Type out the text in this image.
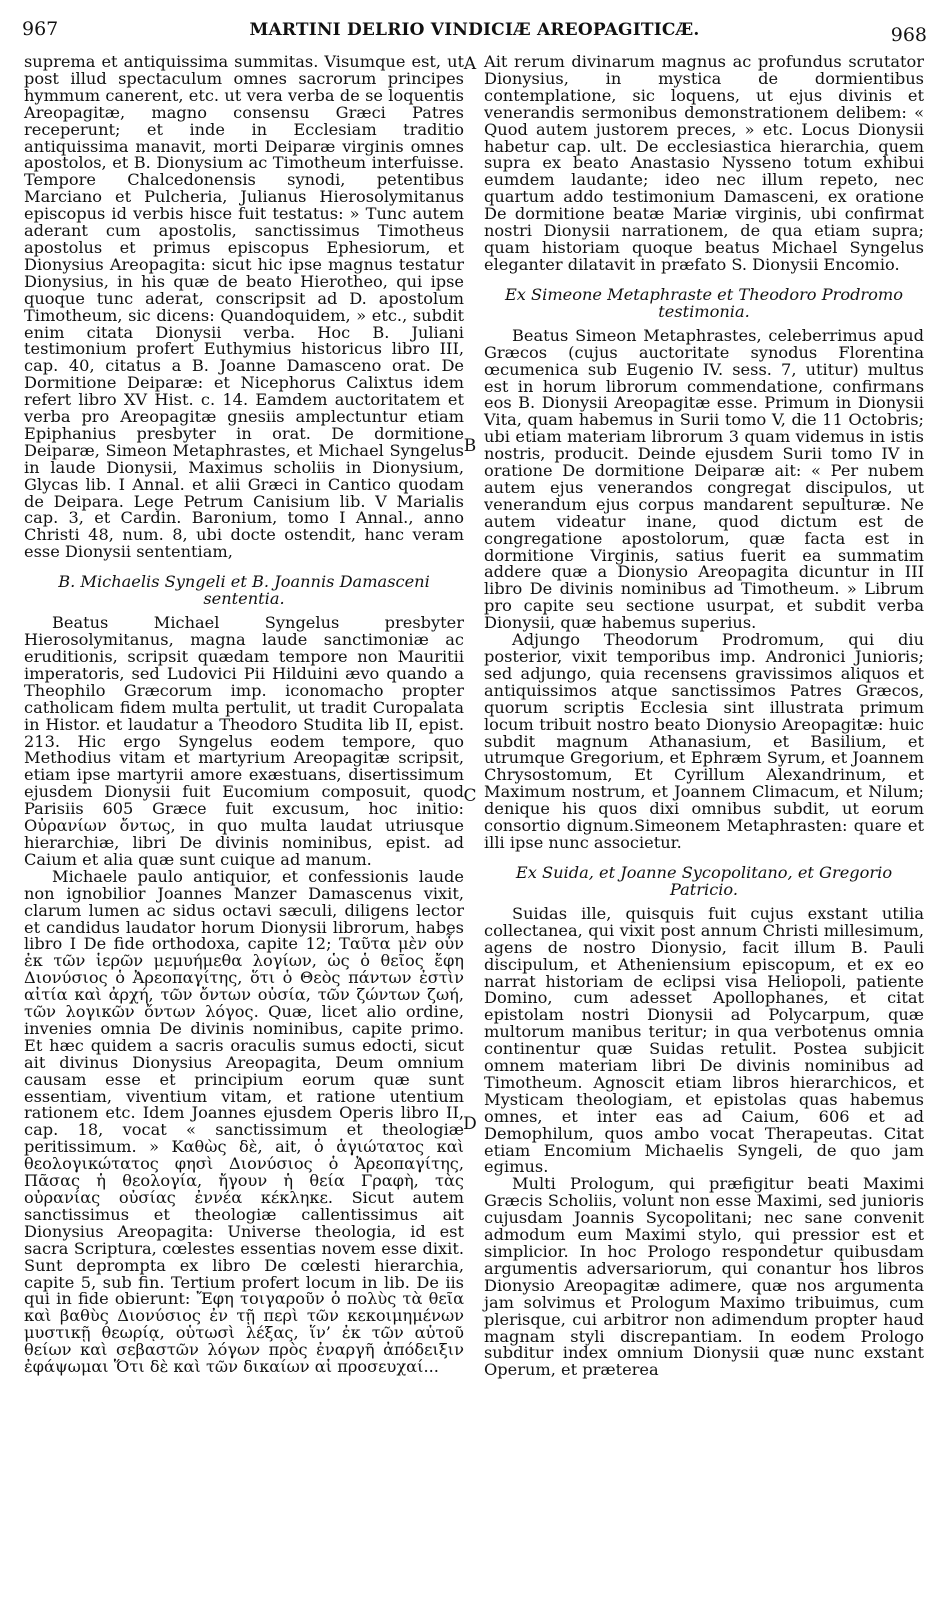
967	MARTINI DELRIO VINDICIÆ AREOPAGITICÆ.	968

suprema et antiquissima summitas. Visumque est, ut post illud spectaculum omnes sacrorum principes hymmum canerent, etc. ut vera verba de se loquentis Areopagitæ, magno consensu Græci Patres receperunt; et inde in Ecclesiam traditio antiquissima manavit, morti Deiparæ virginis omnes apostolos, et B. Dionysium ac Timotheum interfuisse. Tempore Chalcedonensis synodi, petentibus Marciano et Pulcheria, Julianus Hierosolymitanus episcopus id verbis hisce fuit testatus: » Tunc autem aderant cum apostolis, sanctissimus Timotheus apostolus et primus episcopus Ephesiorum, et Dionysius Areopagita: sicut hic ipse magnus testatur Dionysius, in his quæ de beato Hierotheo, qui ipse quoque tunc aderat, conscripsit ad D. apostolum Timotheum, sic dicens: Quandoquidem, » etc., subdit enim citata Dionysii verba. Hoc B. Juliani testimonium profert Euthymius historicus libro III, cap. 40, citatus a B. Joanne Damasceno orat. De Dormitione Deiparæ: et Nicephorus Calixtus idem refert libro XV Hist. c. 14. Eamdem auctoritatem et verba pro Areopagitæ gnesiis amplectuntur etiam Epiphanius presbyter in orat. De dormitione Deiparæ, Simeon Metaphrastes, et Michael Syngelus in laude Dionysii, Maximus scholiis in Dionysium, Glycas lib. I Annal. et alii Græci in Cantico quodam de Deipara. Lege Petrum Canisium lib. V Marialis cap. 3, et Cardin. Baronium, tomo I Annal., anno Christi 48, num. 8, ubi docte ostendit, hanc veram esse Dionysii sententiam,

B. Michaelis Syngeli et B. Joannis Damasceni sententia.

Beatus Michael Syngelus presbyter Hierosolymitanus, magna laude sanctimoniæ ac eruditionis, scripsit quædam tempore non Mauritii imperatoris, sed Ludovici Pii Hilduini ævo quando a Theophilo Græcorum imp. iconomacho propter catholicam fidem multa pertulit, ut tradit Curopalata in Histor. et laudatur a Theodoro Studita lib II, epist. 213. Hic ergo Syngelus eodem tempore, quo Methodius vitam et martyrium Areopagitæ scripsit, etiam ipse martyrii amore exæstuans, disertissimum ejusdem Dionysii fuit Eucomium composuit, quod Parisiis 605 Græce fuit excusum, hoc initio: Οὐρανίων ὄντως, in quo multa laudat utriusque hierarchiæ, libri De divinis nominibus, epist. ad Caium et alia quæ sunt cuique ad manum.

Michaele paulo antiquior, et confessionis laude non ignobilior Joannes Manzer Damascenus vixit, clarum lumen ac sidus octavi sæculi, diligens lector et candidus laudator horum Dionysii librorum, habes libro I De fide orthodoxa, capite 12; Ταῦτα μὲν οὖν ἐκ τῶν ἱερῶν μεμυήμεθα λογίων, ὡς ὁ θεῖος ἔφη Διονύσιος ὁ Ἀρεοπαγίτης, ὅτι ὁ Θεὸς πάντων ἐστὶν αἰτία καὶ ἀρχή, τῶν ὄντων οὐσία, τῶν ζώντων ζωή, τῶν λογικῶν ὄντων λόγος. Quæ, licet alio ordine, invenies omnia De divinis nominibus, capite primo. Et hæc quidem a sacris oraculis sumus edocti, sicut ait divinus Dionysius Areopagita, Deum omnium causam esse et principium eorum quæ sunt essentiam, viventium vitam, et ratione utentium rationem etc. Idem Joannes ejusdem Operis libro II, cap. 18, vocat « sanctissimum et theologiæ peritissimum. » Καθὼς δὲ, ait, ὁ ἁγιώτατος καὶ θεολογικώτατος φησὶ Διονύσιος ὁ Ἀρεοπαγίτης, Πᾶσας ἡ θεολογία, ἤγουν ἡ θεία Γραφὴ, τὰς οὐρανίας οὐσίας ἐννέα κέκληκε. Sicut autem sanctissimus et theologiæ callentissimus ait Dionysius Areopagita: Universe theologia, id est sacra Scriptura, cœlestes essentias novem esse dixit. Sunt deprompta ex libro De cœlesti hierarchia, capite 5, sub fin. Tertium profert locum in lib. De iis qui in fide obierunt: Ἔφη τοιγαροῦν ὁ πολὺς τὰ θεῖα καὶ βαθὺς Διονύσιος ἐν τῇ περὶ τῶν κεκοιμημένων μυστικῇ θεωρίᾳ, οὑτωσὶ λέξας, ἵν’ ἐκ τῶν αὐτοῦ θείων καὶ σεβαστῶν λόγων πρὸς ἐναργῆ ἀπόδειξιν ἐφάψωμαι Ὅτι δὲ καὶ τῶν δικαίων αἱ προσευχαί...

A
B
C
D

Ait rerum divinarum magnus ac profundus scrutator Dionysius, in mystica de dormientibus contemplatione, sic loquens, ut ejus divinis et venerandis sermonibus demonstrationem delibem: « Quod autem justorem preces, » etc. Locus Dionysii habetur cap. ult. De ecclesiastica hierarchia, quem supra ex beato Anastasio Nysseno totum exhibui eumdem laudante; ideo nec illum repeto, nec quartum addo testimonium Damasceni, ex oratione De dormitione beatæ Mariæ virginis, ubi confirmat nostri Dionysii narrationem, de qua etiam supra; quam historiam quoque beatus Michael Syngelus eleganter dilatavit in præfato S. Dionysii Encomio.

Ex Simeone Metaphraste et Theodoro Prodromo testimonia.

Beatus Simeon Metaphrastes, celeberrimus apud Græcos (cujus auctoritate synodus Florentina œcumenica sub Eugenio IV. sess. 7, utitur) multus est in horum librorum commendatione, confirmans eos B. Dionysii Areopagitæ esse. Primum in Dionysii Vita, quam habemus in Surii tomo V, die 11 Octobris; ubi etiam materiam librorum 3 quam videmus in istis nostris, producit. Deinde ejusdem Surii tomo IV in oratione De dormitione Deiparæ ait: « Per nubem autem ejus venerandos congregat discipulos, ut venerandum ejus corpus mandarent sepulturæ. Ne autem videatur inane, quod dictum est de congregatione apostolorum, quæ facta est in dormitione Virginis, satius fuerit ea summatim addere quæ a Dionysio Areopagita dicuntur in III libro De divinis nominibus ad Timotheum. » Librum pro capite seu sectione usurpat, et subdit verba Dionysii, quæ habemus superius.

Adjungo Theodorum Prodromum, qui diu posterior, vixit temporibus imp. Andronici Junioris; sed adjungo, quia recensens gravissimos aliquos et antiquissimos atque sanctissimos Patres Græcos, quorum scriptis Ecclesia sint illustrata primum locum tribuit nostro beato Dionysio Areopagitæ: huic subdit magnum Athanasium, et Basilium, et utrumque Gregorium, et Ephræm Syrum, et Joannem Chrysostomum, Et Cyrillum Alexandrinum, et Maximum nostrum, et Joannem Climacum, et Nilum; denique his quos dixi omnibus subdit, ut eorum consortio dignum.Simeonem Metaphrasten: quare et illi ipse nunc associetur.

Ex Suida, et Joanne Sycopolitano, et Gregorio Patricio.

Suidas ille, quisquis fuit cujus exstant utilia collectanea, qui vixit post annum Christi millesimum, agens de nostro Dionysio, facit illum B. Pauli discipulum, et Atheniensium episcopum, et ex eo narrat historiam de eclipsi visa Heliopoli, patiente Domino, cum adesset Apollophanes, et citat epistolam nostri Dionysii ad Polycarpum, quæ multorum manibus teritur; in qua verbotenus omnia continentur quæ Suidas retulit. Postea subjicit omnem materiam libri De divinis nominibus ad Timotheum. Agnoscit etiam libros hierarchicos, et Mysticam theologiam, et epistolas quas habemus omnes, et inter eas ad Caium, 606 et ad Demophilum, quos ambo vocat Therapeutas. Citat etiam Encomium Michaelis Syngeli, de quo jam egimus.

Multi Prologum, qui præfigitur beati Maximi Græcis Scholiis, volunt non esse Maximi, sed junioris cujusdam Joannis Sycopolitani; nec sane convenit admodum eum Maximi stylo, qui pressior est et simplicior. In hoc Prologo respondetur quibusdam argumentis adversariorum, qui conantur hos libros Dionysio Areopagitæ adimere, quæ nos argumenta jam solvimus et Prologum Maximo tribuimus, cum plerisque, cui arbitror non adimendum propter haud magnam styli discrepantiam. In eodem Prologo subditur index omnium Dionysii quæ nunc exstant Operum, et præterea
